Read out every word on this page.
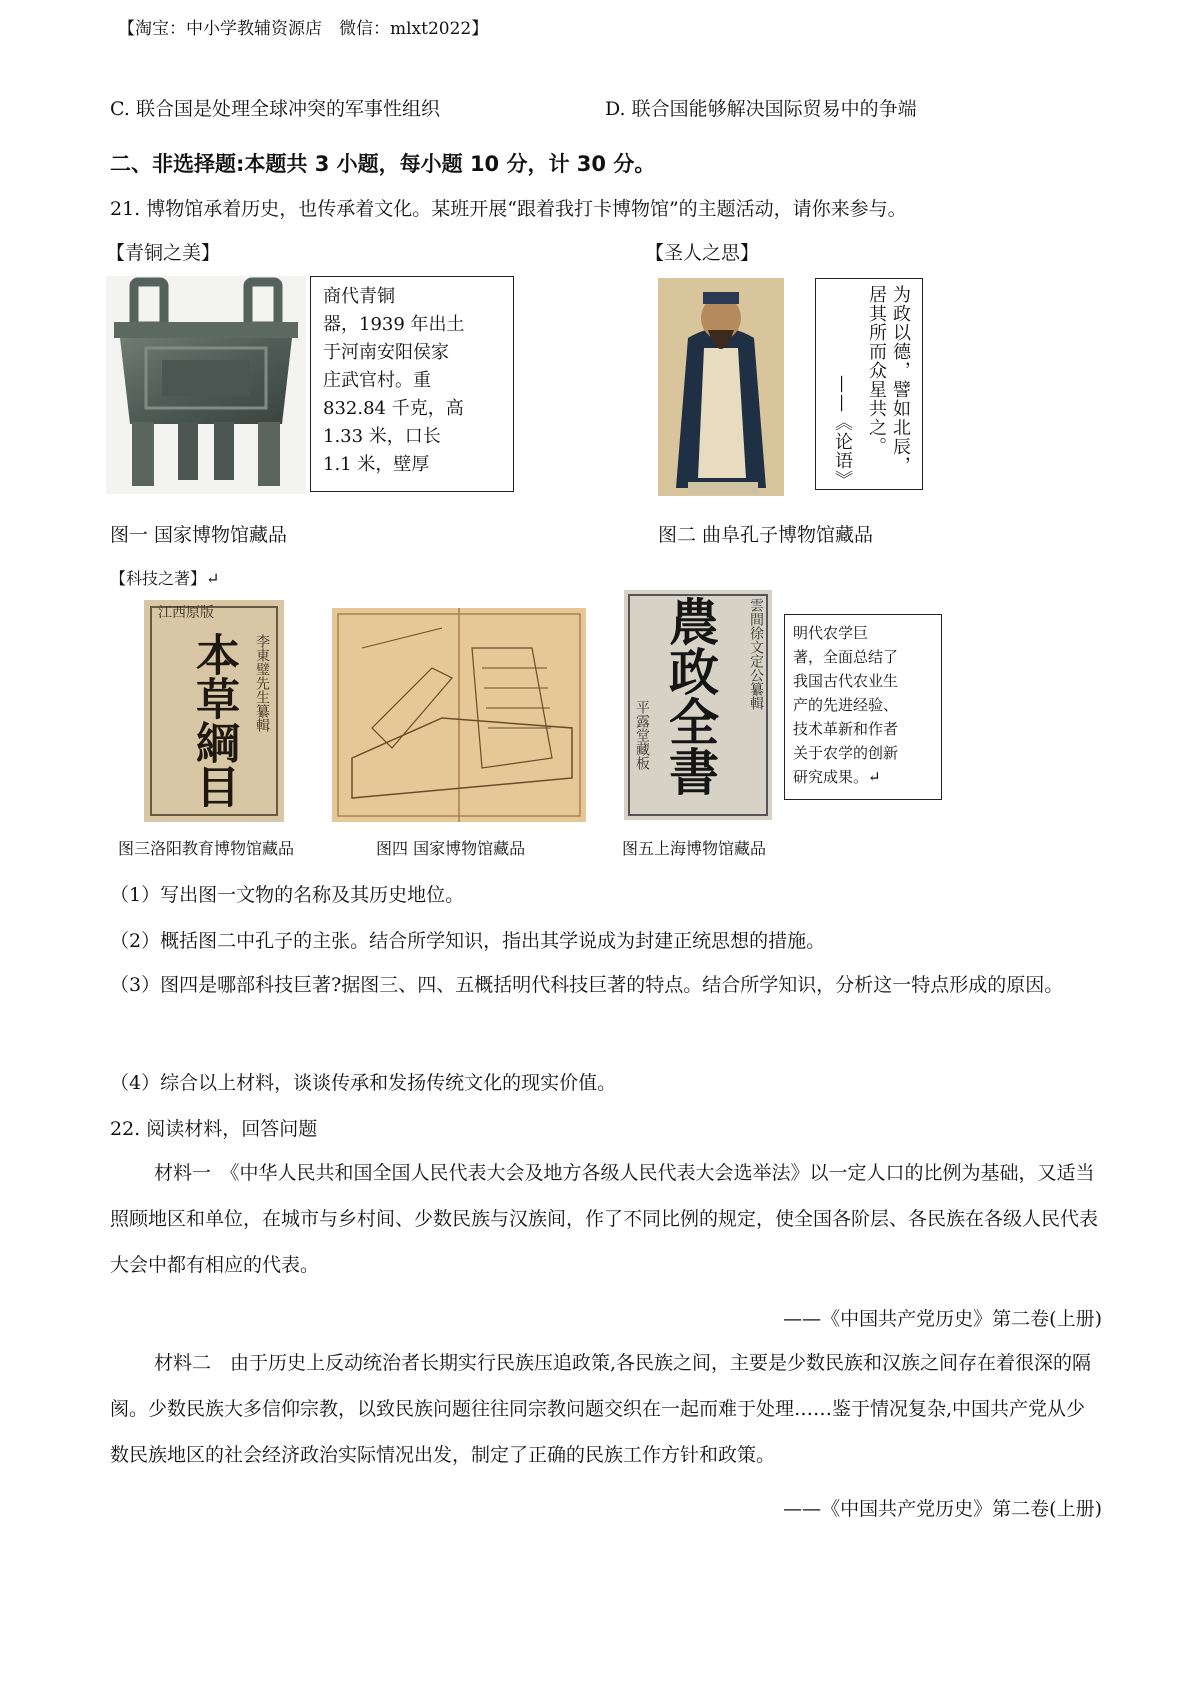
【淘宝：中小学教辅资源店　微信：mlxt2022】
C. 联合国是处理全球冲突的军事性组织	D. 联合国能够解决国际贸易中的争端
二、非选择题:本题共 3 小题，每小题 10 分，计 30 分。
21. 博物馆承着历史，也传承着文化。某班开展“跟着我打卡博物馆”的主题活动，请你来参与。
【青铜之美】
商代青铜
器，1939 年出土
于河南安阳侯家
庄武官村。重
832.84 千克，高
1.33 米，口长
1.1 米，壁厚
图一 国家博物馆藏品
【圣人之思】
为政以德，譬如北辰，居其所而众星共之。
——《论语》
图二 曲阜孔子博物馆藏品
【科技之著】↵
江西原版
本草綱目 李東璧先生纂輯
图三洛阳教育博物馆藏品	图四 国家博物馆藏品
農政全書 雲間徐文定公纂輯
平露堂藏板
明代农学巨
著，全面总结了
我国古代农业生
产的先进经验、
技术革新和作者
关于农学的创新
研究成果。↵
图五上海博物馆藏品
（1）写出图一文物的名称及其历史地位。
（2）概括图二中孔子的主张。结合所学知识，指出其学说成为封建正统思想的措施。
（3）图四是哪部科技巨著?据图三、四、五概括明代科技巨著的特点。结合所学知识，分析这一特点形成的原因。
（4）综合以上材料，谈谈传承和发扬传统文化的现实价值。
22. 阅读材料，回答问题
材料一　《中华人民共和国全国人民代表大会及地方各级人民代表大会选举法》以一定人口的比例为基础，又适当照顾地区和单位，在城市与乡村间、少数民族与汉族间，作了不同比例的规定，使全国各阶层、各民族在各级人民代表大会中都有相应的代表。
——《中国共产党历史》第二卷(上册)
材料二　由于历史上反动统治者长期实行民族压追政策,各民族之间，主要是少数民族和汉族之间存在着很深的隔阂。少数民族大多信仰宗教，以致民族问题往往同宗教问题交织在一起而难于处理……鉴于情况复杂,中国共产党从少数民族地区的社会经济政治实际情况出发，制定了正确的民族工作方针和政策。
——《中国共产党历史》第二卷(上册)
